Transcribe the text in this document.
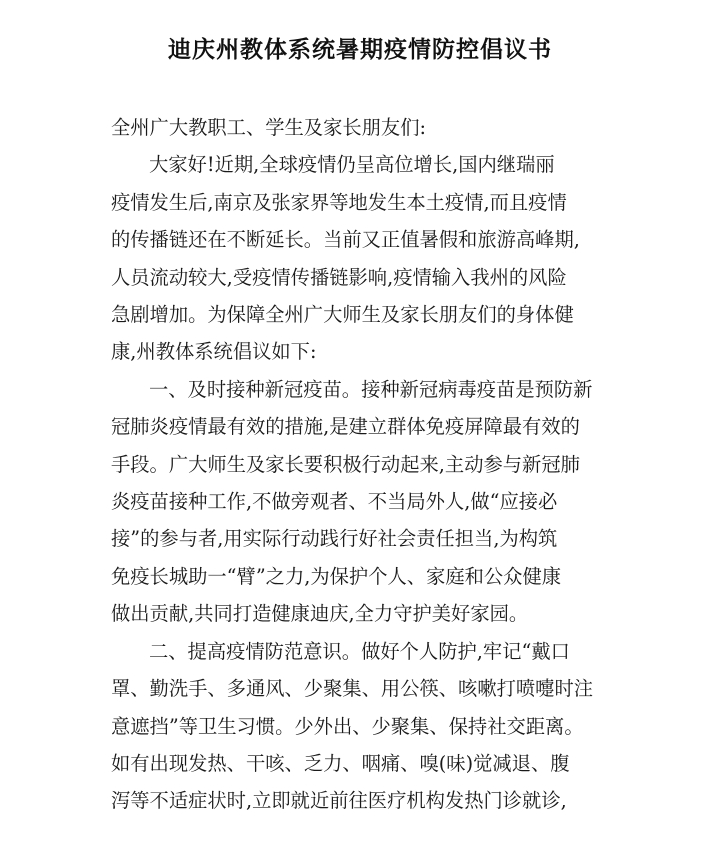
迪庆州教体系统暑期疫情防控倡议书

全州广大教职工、学生及家长朋友们:

大家好!近期,全球疫情仍呈高位增长,国内继瑞丽
疫情发生后,南京及张家界等地发生本土疫情,而且疫情
的传播链还在不断延长。当前又正值暑假和旅游高峰期,
人员流动较大,受疫情传播链影响,疫情输入我州的风险
急剧增加。为保障全州广大师生及家长朋友们的身体健
康,州教体系统倡议如下:

一、及时接种新冠疫苗。接种新冠病毒疫苗是预防新
冠肺炎疫情最有效的措施,是建立群体免疫屏障最有效的
手段。广大师生及家长要积极行动起来,主动参与新冠肺
炎疫苗接种工作,不做旁观者、不当局外人,做“应接必
接”的参与者,用实际行动践行好社会责任担当,为构筑
免疫长城助一“臂”之力,为保护个人、家庭和公众健康
做出贡献,共同打造健康迪庆,全力守护美好家园。

二、提高疫情防范意识。做好个人防护,牢记“戴口
罩、勤洗手、多通风、少聚集、用公筷、咳嗽打喷嚏时注
意遮挡”等卫生习惯。少外出、少聚集、保持社交距离。
如有出现发热、干咳、乏力、咽痛、嗅(味)觉减退、腹
泻等不适症状时,立即就近前往医疗机构发热门诊就诊,
